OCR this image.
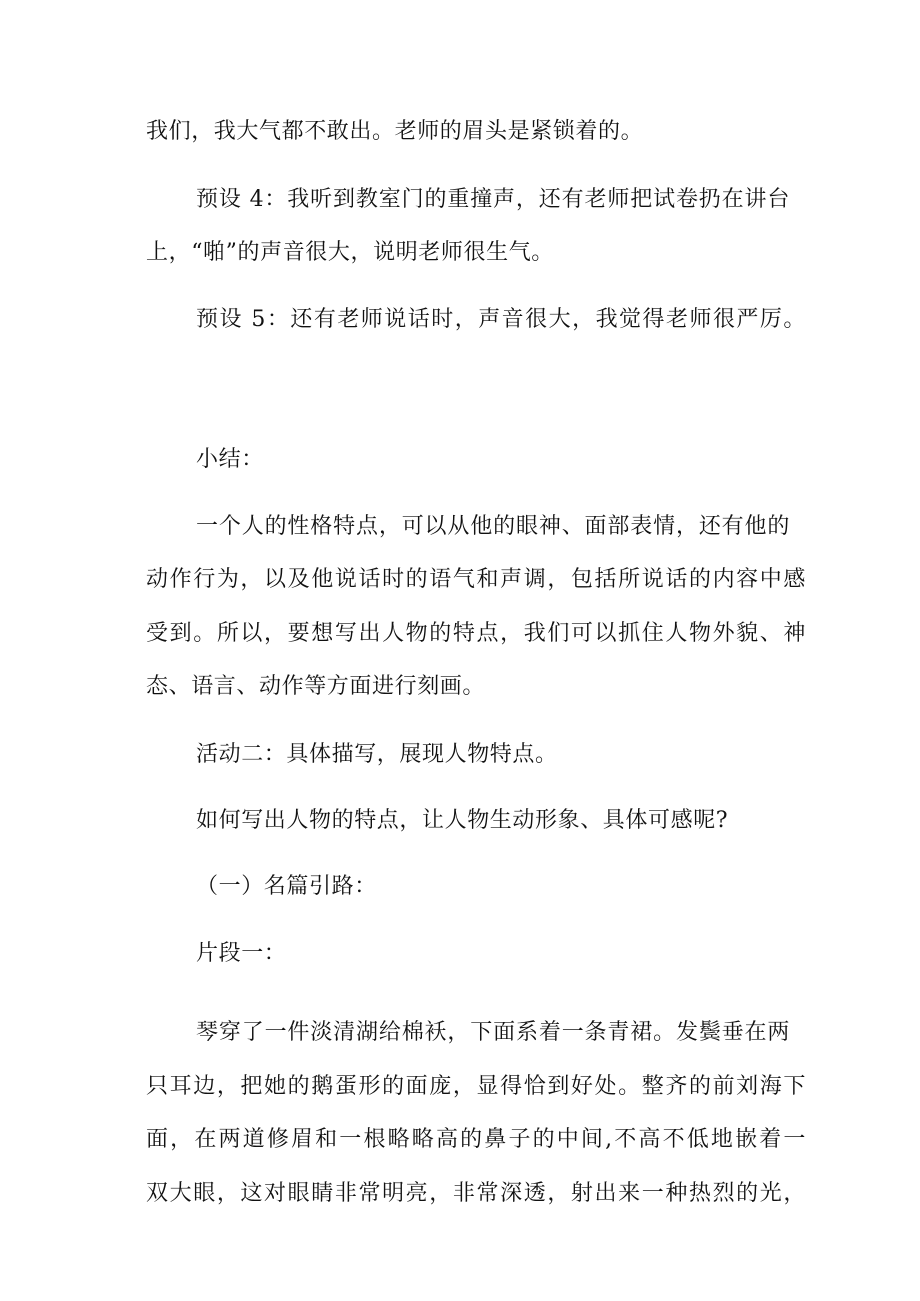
我们，我大气都不敢出。老师的眉头是紧锁着的。
预设 4：我听到教室门的重撞声，还有老师把试卷扔在讲台
上，“啪”的声音很大，说明老师很生气。
预设 5：还有老师说话时，声音很大，我觉得老师很严厉。
小结：
一个人的性格特点，可以从他的眼神、面部表情，还有他的
动作行为，以及他说话时的语气和声调，包括所说话的内容中感
受到。所以，要想写出人物的特点，我们可以抓住人物外貌、神
态、语言、动作等方面进行刻画。
活动二：具体描写，展现人物特点。
如何写出人物的特点，让人物生动形象、具体可感呢?
（一）名篇引路：
片段一：
琴穿了一件淡清湖给棉袄，下面系着一条青裙。发鬓垂在两
只耳边，把她的鹅蛋形的面庞，显得恰到好处。整齐的前刘海下
面，在两道修眉和一根略略高的鼻子的中间,不高不低地嵌着一
双大眼，这对眼睛非常明亮，非常深透，射出来一种热烈的光，
